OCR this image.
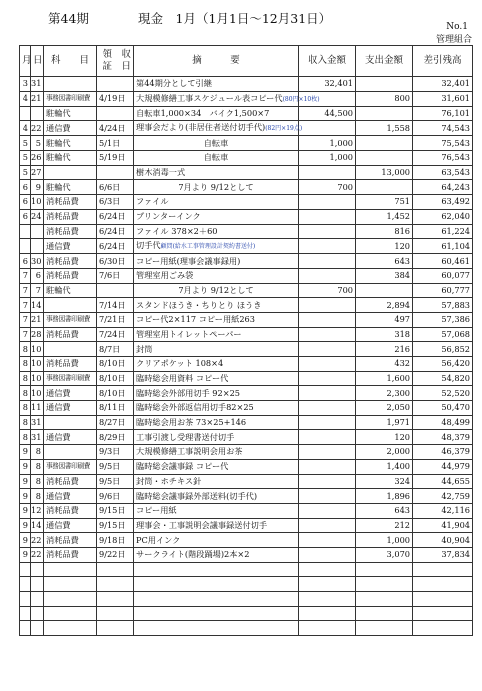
第44期	現金　1月（1月1日～12月31日）
No.1
管理組合
月	日	科　　目	領　収
証　日	摘　　　要	収入金額	支出金額	差引残高
3	31			第44期分として引継	32,401		32,401
4	21	事務図書印刷費	4/19日	大規模修繕工事スケジュール表コピー代(80円×10枚)		800	31,601
		駐輪代		自転車1,000×34　バイク1,500×7	44,500		76,101
4	22	通信費	4/24日	理事会だより(非居住者送付切手代)(82円×19点)		1,558	74,543
5	5	駐輪代	5/1日	自転車	1,000		75,543
5	26	駐輪代	5/19日	自転車	1,000		76,543
5	27			樹木消毒一式		13,000	63,543
6	9	駐輪代	6/6日	7月より 9/12として	700		64,243
6	10	消耗品費	6/3日	ファイル		751	63,492
6	24	消耗品費	6/24日	プリンターインク		1,452	62,040
		消耗品費	6/24日	ファイル 378×2＋60		816	61,224
		通信費	6/24日	切手代顧問(給水工事管理設計契約書送付)		120	61,104
6	30	消耗品費	6/30日	コピー用紙(理事会議事録用)		643	60,461
7	6	消耗品費	7/6日	管理室用ごみ袋		384	60,077
7	7	駐輪代		7月より 9/12として	700		60,777
7	14		7/14日	スタンドほうき・ちりとり ほうき		2,894	57,883
7	21	事務図書印刷費	7/21日	コピー代2×117 コピー用紙263		497	57,386
7	28	消耗品費	7/24日	管理室用トイレットペーパー		318	57,068
8	10		8/7日	封筒		216	56,852
8	10	消耗品費	8/10日	クリアポケット 108×4		432	56,420
8	10	事務図書印刷費	8/10日	臨時総会用資料 コピー代		1,600	54,820
8	10	通信費	8/10日	臨時総会外部用切手 92×25		2,300	52,520
8	11	通信費	8/11日	臨時総会外部返信用切手82×25		2,050	50,470
8	31		8/27日	臨時総会用お茶 73×25+146		1,971	48,499
8	31	通信費	8/29日	工事引渡し受理書送付切手		120	48,379
9	8		9/3日	大規模修繕工事説明会用お茶		2,000	46,379
9	8	事務図書印刷費	9/5日	臨時総会議事録 コピー代		1,400	44,979
9	8	消耗品費	9/5日	封筒・ホチキス針		324	44,655
9	8	通信費	9/6日	臨時総会議事録外部送料(切手代)		1,896	42,759
9	12	消耗品費	9/15日	コピー用紙		643	42,116
9	14	通信費	9/15日	理事会・工事説明会議事録送付切手		212	41,904
9	22	消耗品費	9/18日	PC用インク		1,000	40,904
9	22	消耗品費	9/22日	サークライト(階段踊場)2本×2		3,070	37,834
